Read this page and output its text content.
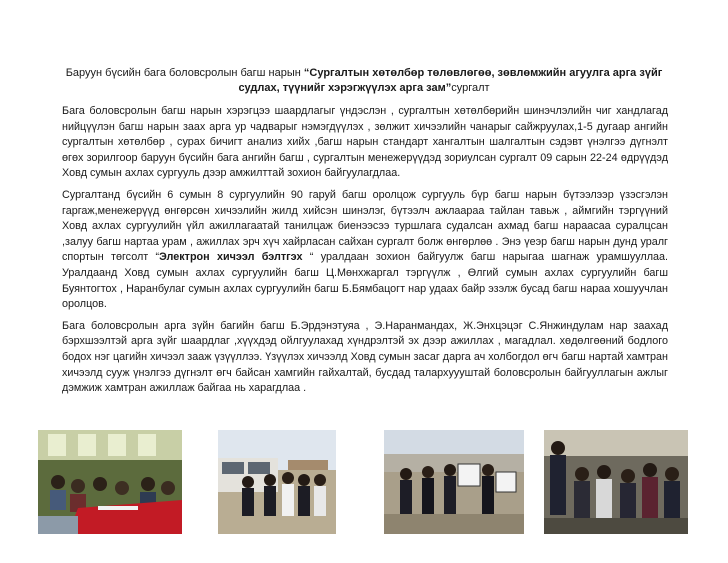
Баруун бүсийн бага боловсролын багш нарын “Сургалтын хөтөлбөр төлөвлөгөө, зөвлөмжийн агуулга арга зүйг судлах, түүнийг хэрэгжүүлэх арга зам”сургалт

Бага боловсролын багш нарын хэрэгцээ шаардлагыг үндэслэн , сургалтын хөтөлбөрийн шинэчлэлийн чиг хандлагад нийцүүлэн багш нарын заах арга ур чадварыг нэмэгдүүлэх , зөлжит хичээлийн чанарыг сайжруулах,1-5 дугаар ангийн сургалтын хөтөлбөр , сурах бичигт анализ хийх ,багш нарын стандарт хангалтын шалгалтын сэдэвт үнэлгээ дүгнэлт өгөх зорилгоор баруун бүсийн бага ангийн багш , сургалтын менежерүүдэд зориулсан сургалт 09 сарын 22-24 өдрүүдэд Ховд сумын ахлах сургууль дээр амжилттай зохион байгуулагдлаа.

Сургалтанд бүсийн 6 сумын 8 сургуулийн 90 гаруй багш оролцож сургууль бүр багш нарын бүтээлээр үзэсгэлэн гаргаж,менежерүүд өнгөрсөн хичээлийн жилд хийсэн шинэлэг, бүтээлч ажлаараа тайлан тавьж , аймгийн тэргүүний Ховд ахлах сургуулийн үйл ажиллагаатай танилцаж биенээсээ туршлага судалсан ахмад багш нараасаа суралцсан ,залуу багш нартаа урам , ажиллах эрч хүч хайрласан сайхан сургалт болж өнгөрлөө . Энэ үеэр багш нарын дунд уралг спортын төгсолт “Электрон хичээл бэлтгэх “ уралдаан зохион байгуулж багш нарыгаа шагнаж урамшууллаа. Уралдаанд Ховд сумын ахлах сургуулийн багш Ц.Мөнхжаргал тэргүүлж , Өлгий сумын ахлах сургуулийн багш Буянтогтох , Наранбулаг сумын ахлах сургуулийн багш Б.Бямбацогт нар удаах байр эзэлж бусад багш нараа хошуучлан оролцов.

Багa боловсролын арга зүйн багийн багш Б.Эрдэнэтуяа , Э.Наранмандах, Ж.Энхцэцэг С.Янжиндулам нар заахад бэрхшээлтэй арга зүйг шаардлаг ,хүүхдэд ойлгуулахад хүндрэлтэй эх дээр ажиллах , магадлал. хөдөлгөөний бодлого бодох нэг цагийн хичээл зааж үзүүллээ. Үзүүлэх хичээлд Ховд сумын засаг дарга ач холбогдол өгч багш нартай хамтран хичээлд сууж үнэлгээ дүгнэлт өгч байсан хамгийн гайхалтай, бусдад талархуууштай боловсролын байгууллагын ажлыг дэмжиж хамтран ажиллаж байгаа нь харагдлаа .
